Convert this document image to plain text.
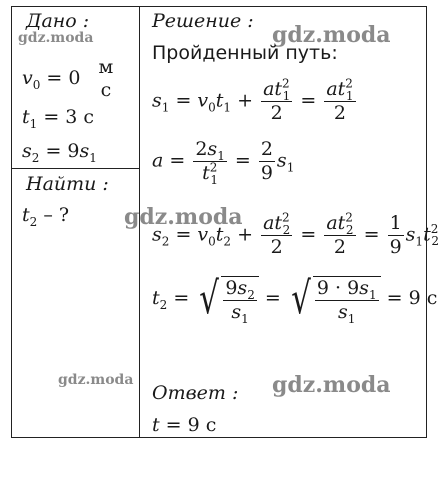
Дано :
gdz.moda
$v_0 = 0$ м
с
$t_1 = 3$ с
$s_2 = 9s_1$
Найти :
$t_2$ – ?
gdz.moda
Решение :
gdz.moda
Пройденный путь:
$s_1 = v_0t_1 + \frac{at^2_1}{2} = \frac{at^2_1}{2}$
$a = \frac{2s_1}{t^2_1} = \frac{2}{9} s_1$
gdz.moda
$s_2 = v_0t_2 + \frac{at^2_2}{2} = \frac{at^2_2}{2} = \frac{1}{9} s_1t^2_2$
$t_2$ = √ $\frac{9s_2}{s_1}$ = √ $\frac{9 \cdot 9s_1}{s_1} = 9$ с
Ответ : gdz.moda
t = 9 с
